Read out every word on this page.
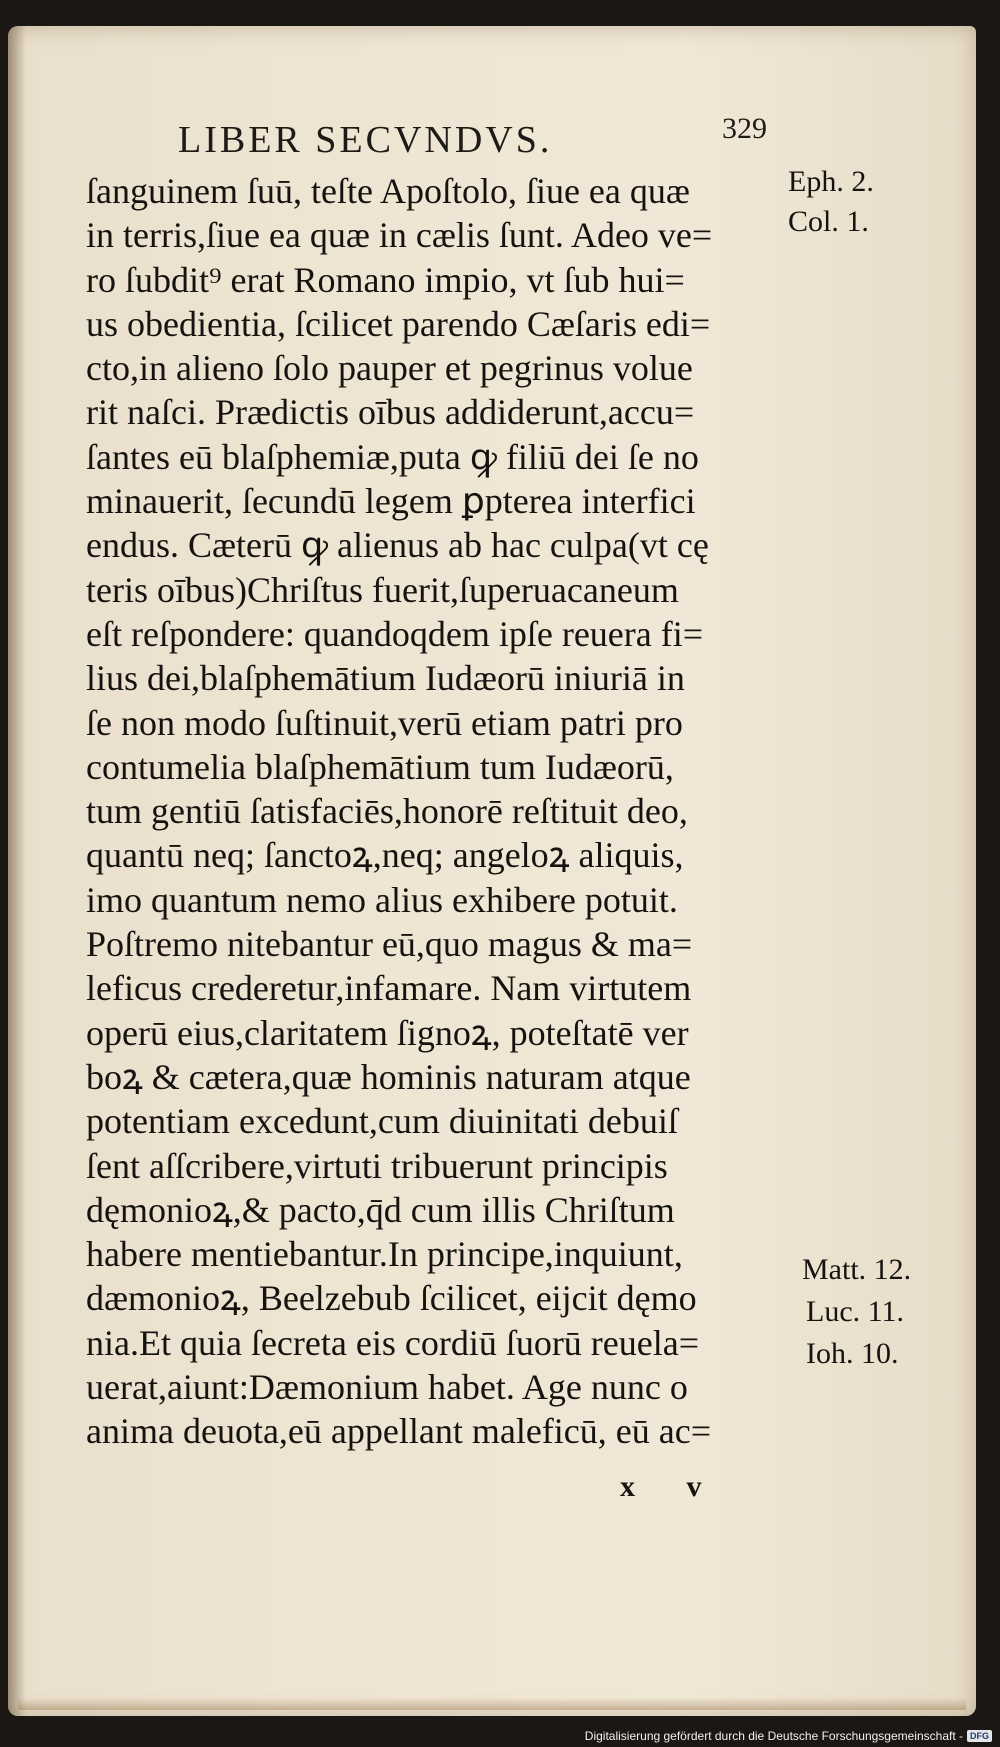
LIBER SECVNDVS.	329
ſanguinem ſuū, teſte Apoſtolo, ſiue ea quæ
in terris,ſiue ea quæ in cælis ſunt. Adeo ve=
ro ſubdit⁹ erat Romano impio, vt ſub hui=
us obedientia, ſcilicet parendo Cæſaris edi=
cto,in alieno ſolo pauper et pegrinus volue
rit naſci. Prædictis oībus addiderunt,accu=
ſantes eū blaſphemiæ,puta ꝙ filiū dei ſe no
minauerit, ſecundū legem ꝑpterea interfici
endus. Cæterū ꝙ alienus ab hac culpa(vt cę
teris oībus)Chriſtus fuerit,ſuperuacaneum
eſt reſpondere: quandoqdem ipſe reuera fi=
lius dei,blaſphemātium Iudæorū iniuriā in
ſe non modo ſuſtinuit,verū etiam patri pro
contumelia blaſphemātium tum Iudæorū,
tum gentiū ſatisfaciēs,honorē reſtituit deo,
quantū neq; ſanctoꝝ,neq; angeloꝝ aliquis,
imo quantum nemo alius exhibere potuit.
Poſtremo nitebantur eū,quo magus & ma=
leficus crederetur,infamare. Nam virtutem
operū eius,claritatem ſignoꝝ, poteſtatē ver
boꝝ & cætera,quæ hominis naturam atque
potentiam excedunt,cum diuinitati debuiſ
ſent aſſcribere,virtuti tribuerunt principis
dęmonioꝝ,& pacto,q̄d cum illis Chriſtum
habere mentiebantur.In principe,inquiunt,
dæmonioꝝ, Beelzebub ſcilicet, eijcit dęmo
nia.Et quia ſecreta eis cordiū ſuorū reuela=
uerat,aiunt:Dæmonium habet. Age nunc o
anima deuota,eū appellant maleficū, eū ac=
Eph. 2.
Col. 1.
Matt. 12.
Luc. 11.
Ioh. 10.
x v
Digitalisierung gefördert durch die Deutsche Forschungsgemeinschaft - DFG
